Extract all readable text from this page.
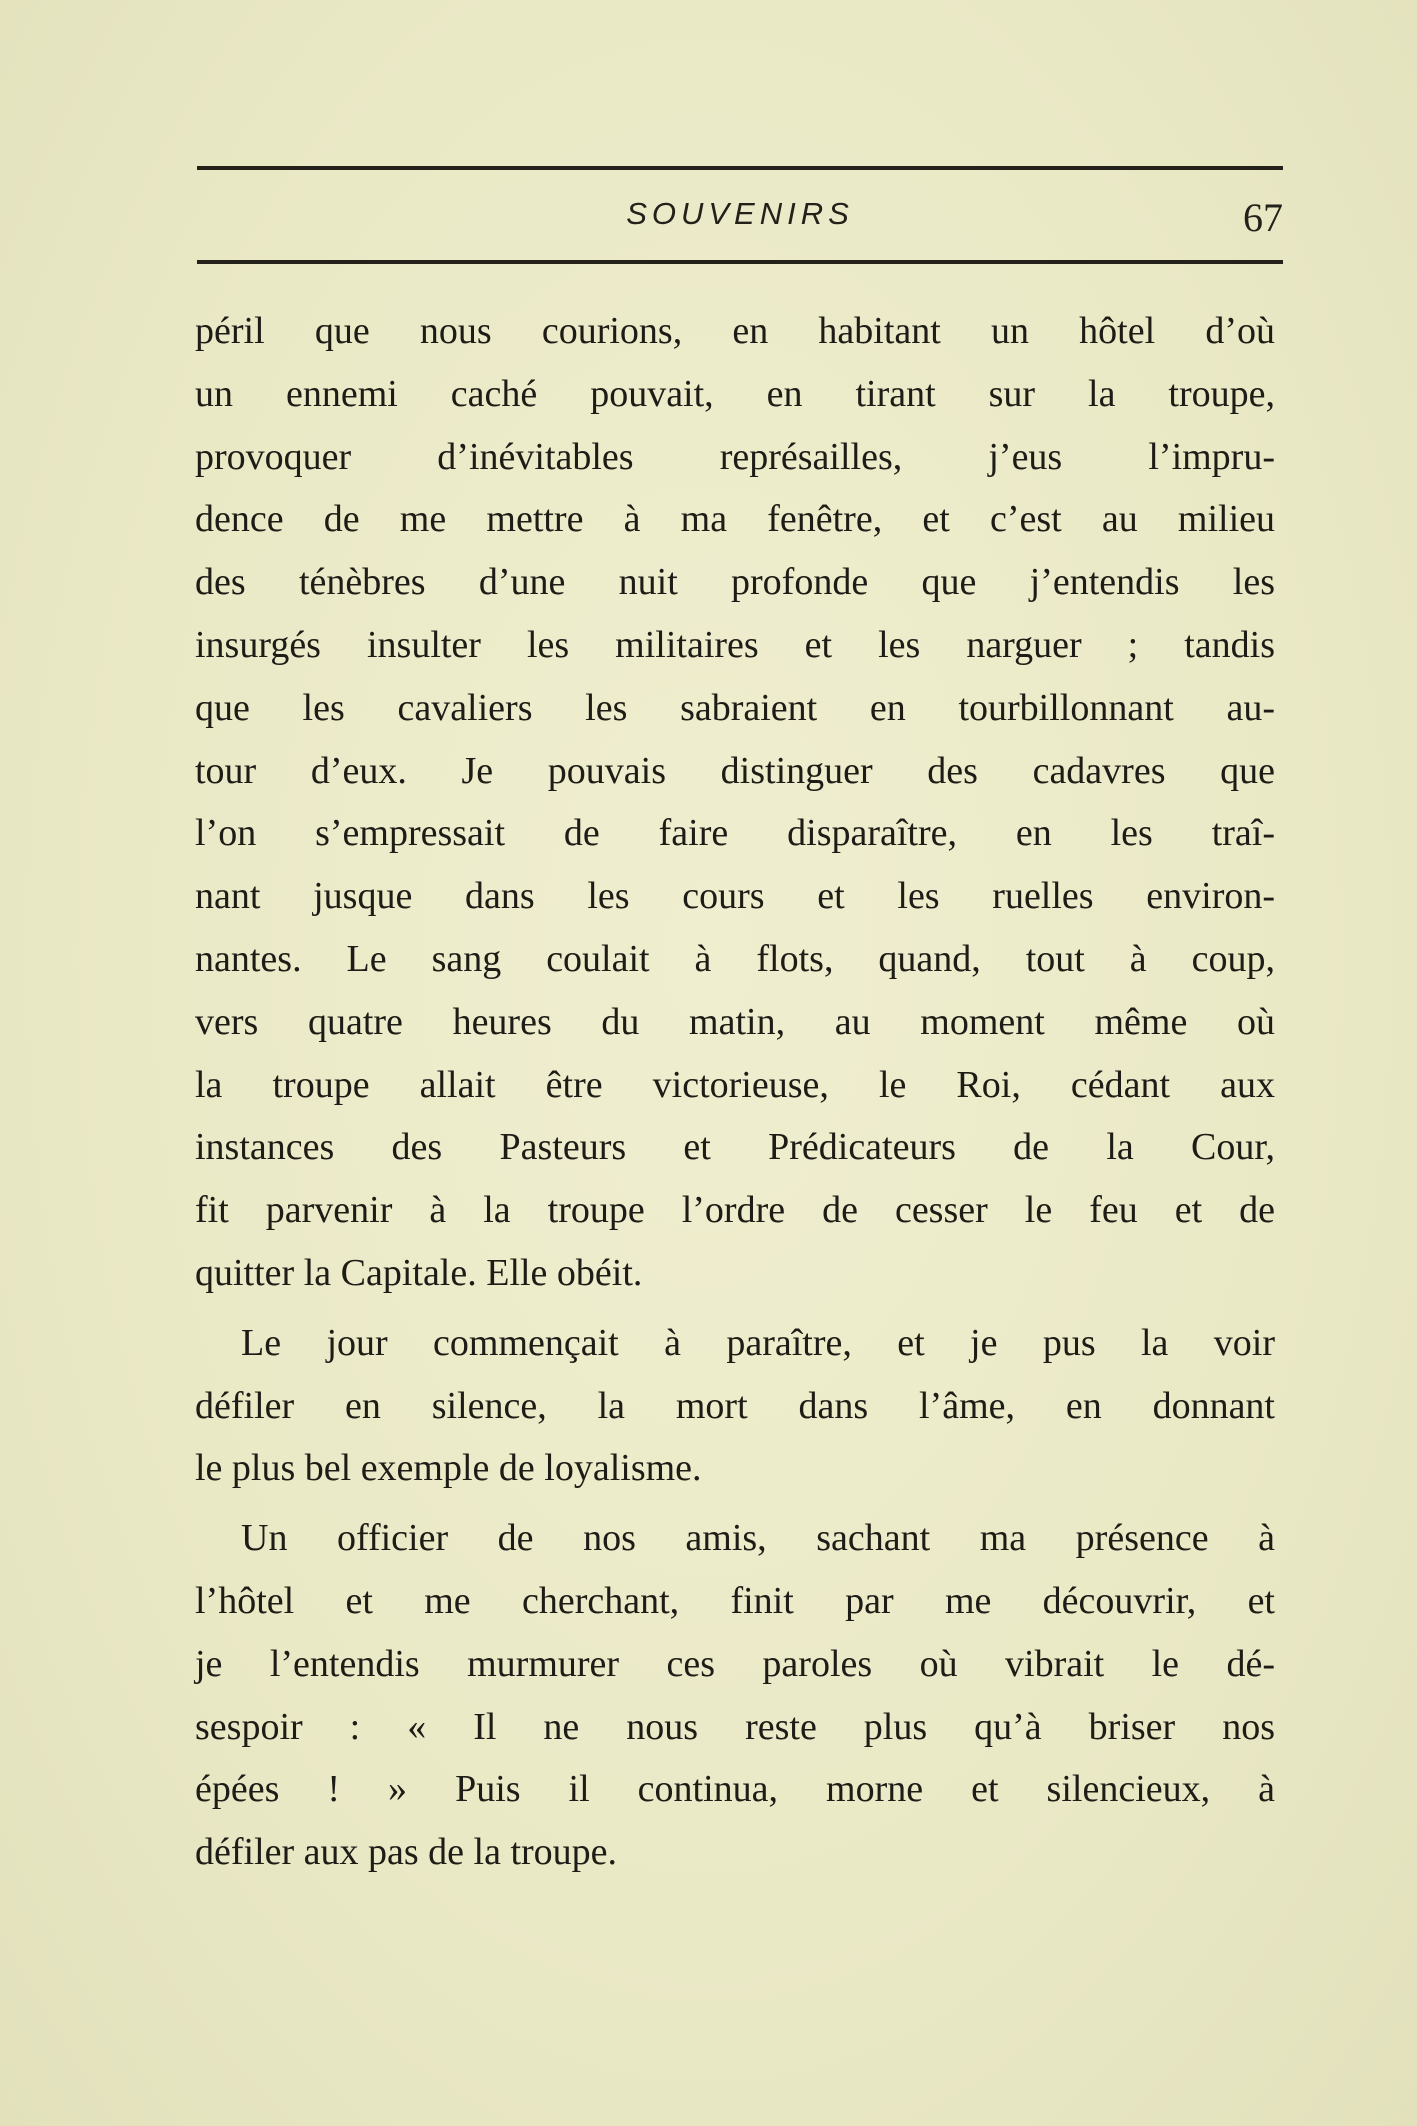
SOUVENIRS	67
péril que nous courions, en habitant un hôtel d’où
un ennemi caché pouvait, en tirant sur la troupe,
provoquer d’inévitables représailles, j’eus l’impru-
dence de me mettre à ma fenêtre, et c’est au milieu
des ténèbres d’une nuit profonde que j’entendis les
insurgés insulter les militaires et les narguer ; tandis
que les cavaliers les sabraient en tourbillonnant au-
tour d’eux. Je pouvais distinguer des cadavres que
l’on s’empressait de faire disparaître, en les traî-
nant jusque dans les cours et les ruelles environ-
nantes. Le sang coulait à flots, quand, tout à coup,
vers quatre heures du matin, au moment même où
la troupe allait être victorieuse, le Roi, cédant aux
instances des Pasteurs et Prédicateurs de la Cour,
fit parvenir à la troupe l’ordre de cesser le feu et de
quitter la Capitale. Elle obéit.
Le jour commençait à paraître, et je pus la voir
défiler en silence, la mort dans l’âme, en donnant
le plus bel exemple de loyalisme.
Un officier de nos amis, sachant ma présence à
l’hôtel et me cherchant, finit par me découvrir, et
je l’entendis murmurer ces paroles où vibrait le dé-
sespoir : « Il ne nous reste plus qu’à briser nos
épées ! » Puis il continua, morne et silencieux, à
défiler aux pas de la troupe.
